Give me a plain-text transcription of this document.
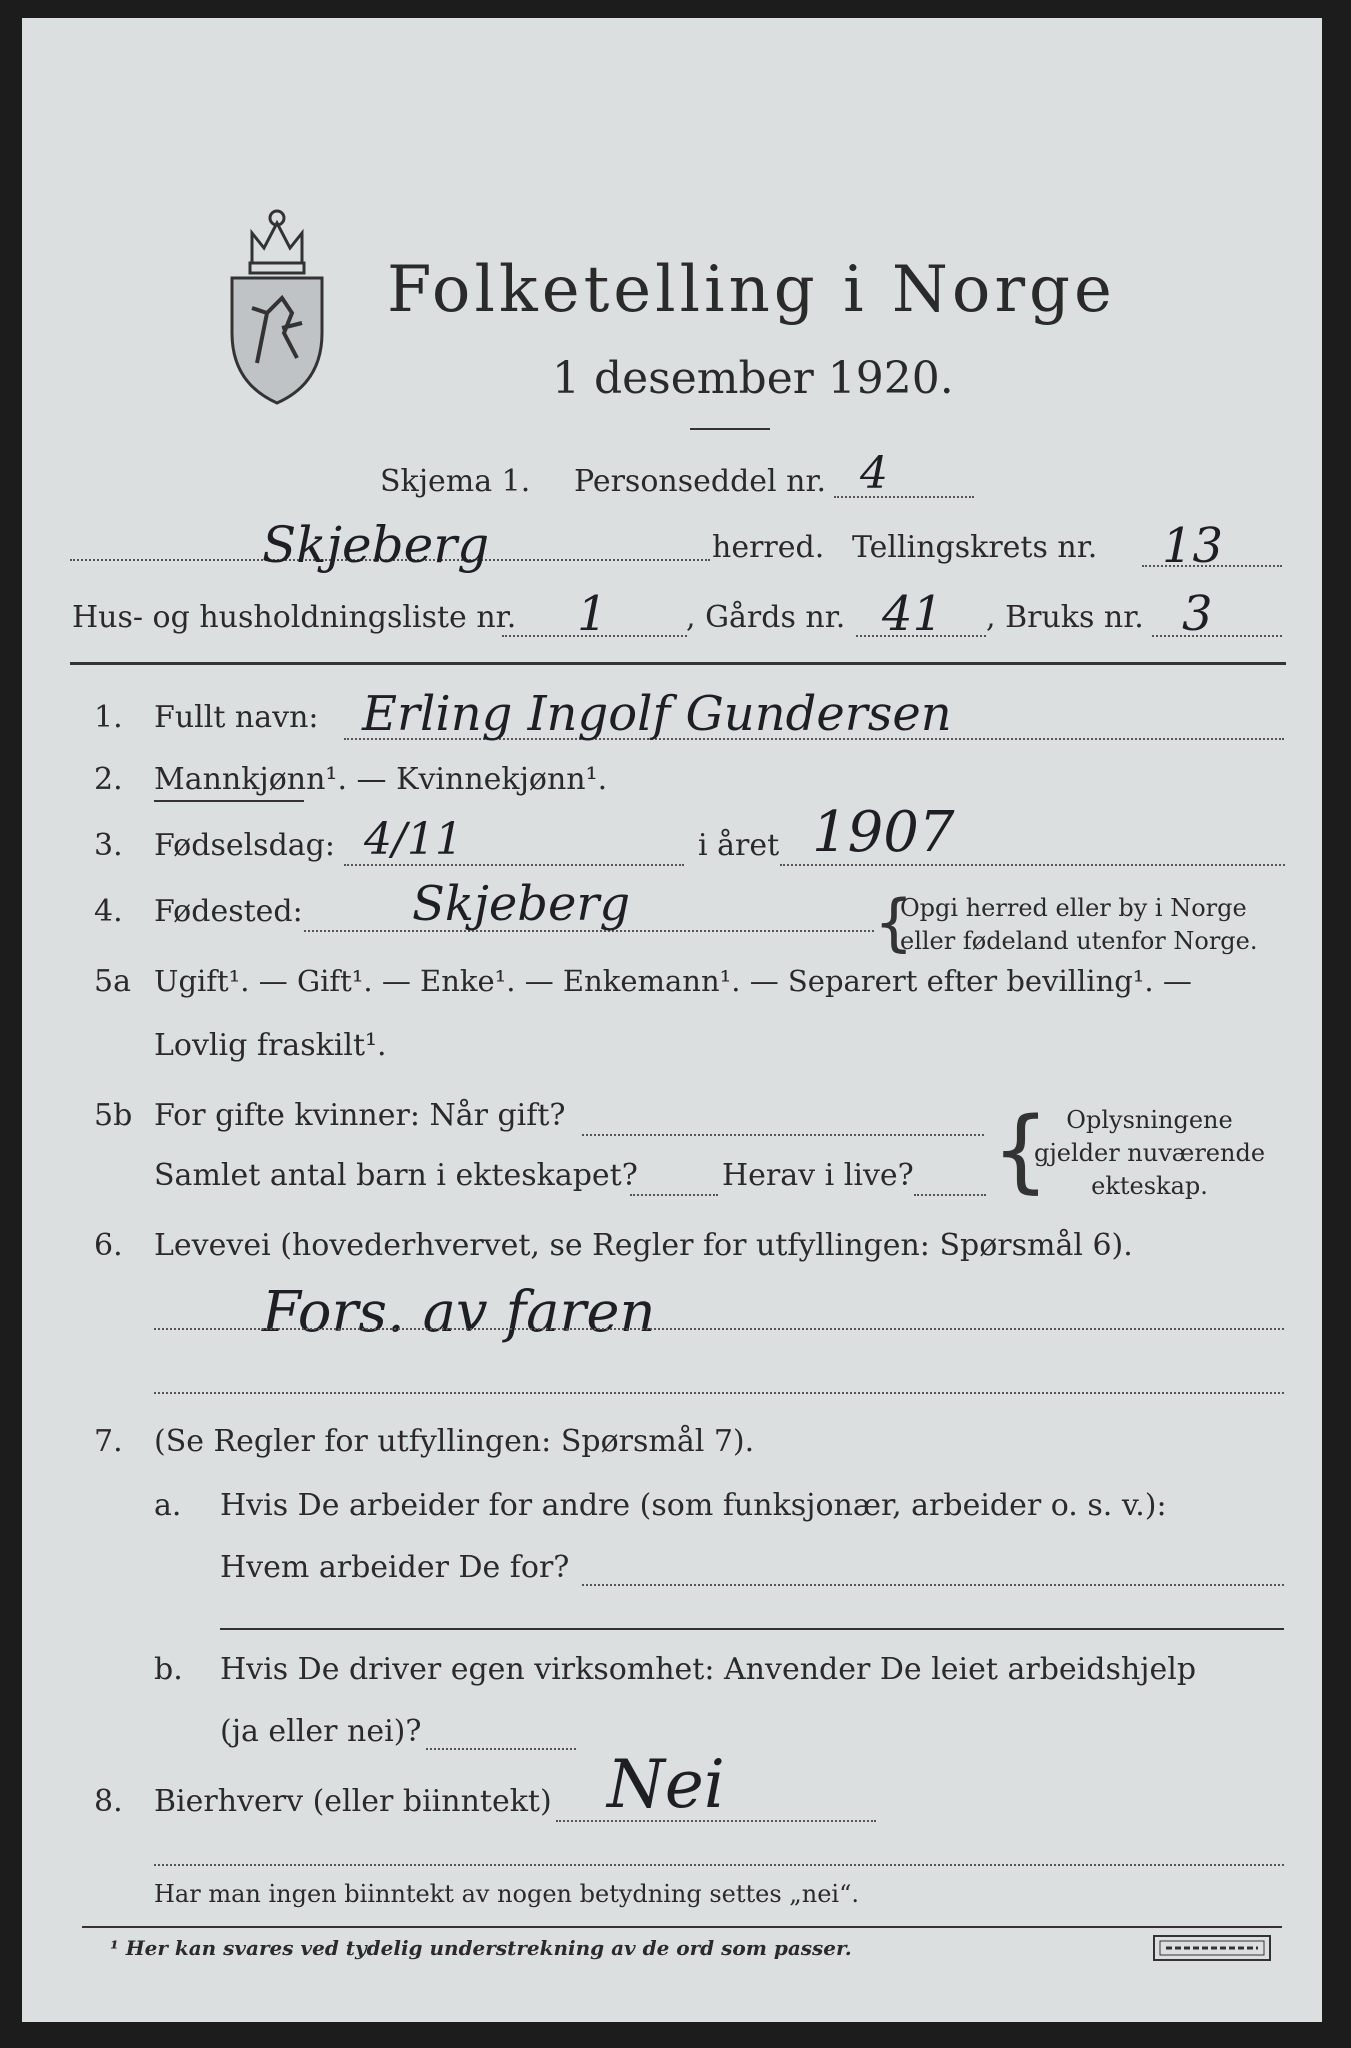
Folketelling i Norge
1 desember 1920.
Skjema 1. Personseddel nr. 4
Skjeberg	herred. Tellingskrets nr. 13
Hus- og husholdningsliste nr. 1	, Gårds nr. 41 , Bruks nr. 3
1. Fullt navn: Erling Ingolf Gundersen
2. Mannkjønn¹. — Kvinnekjønn¹.
3. Fødselsdag: 4/11	i året 1907
4. Fødested: Skjeberg	{
Opgi herred eller by i Norge
eller fødeland utenfor Norge.
5a Ugift¹. — Gift¹. — Enke¹. — Enkemann¹. — Separert efter bevilling¹. —
Lovlig fraskilt¹.
5b For gifte kvinner: Når gift?
Samlet antal barn i ekteskapet?	Herav i live? { Oplysningene
gjelder nuværende
ekteskap.
6. Levevei (hovederhvervet, se Regler for utfyllingen: Spørsmål 6).
Fors. av faren
7. (Se Regler for utfyllingen: Spørsmål 7).
a. Hvis De arbeider for andre (som funksjonær, arbeider o. s. v.):
Hvem arbeider De for?
b. Hvis De driver egen virksomhet: Anvender De leiet arbeidshjelp
(ja eller nei)?
8. Bierhverv (eller biinntekt) Nei
Har man ingen biinntekt av nogen betydning settes „nei“.
¹ Her kan svares ved tydelig understrekning av de ord som passer.
